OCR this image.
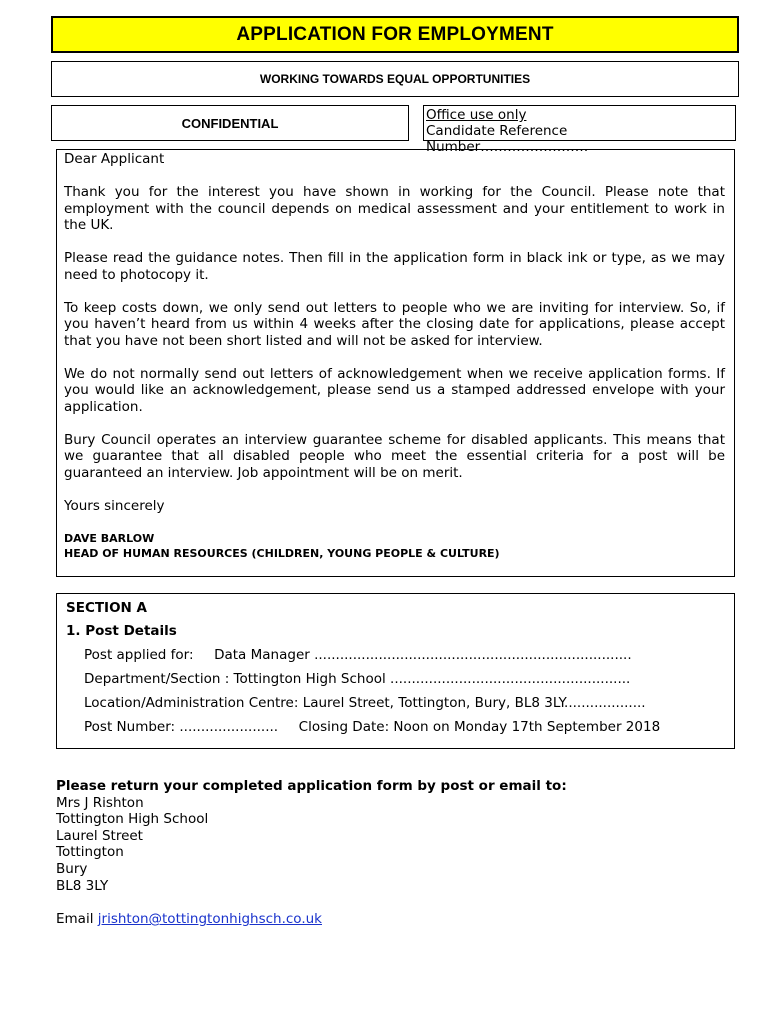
APPLICATION FOR EMPLOYMENT
WORKING TOWARDS EQUAL OPPORTUNITIES
CONFIDENTIAL	Office use only
Candidate Reference Number……………………

Dear Applicant

Thank you for the interest you have shown in working for the Council. Please note that employment with the council depends on medical assessment and your entitlement to work in the UK.

Please read the guidance notes. Then fill in the application form in black ink or type, as we may need to photocopy it.

To keep costs down, we only send out letters to people who we are inviting for interview. So, if you haven’t heard from us within 4 weeks after the closing date for applications, please accept that you have not been short listed and will not be asked for interview.

We do not normally send out letters of acknowledgement when we receive application forms. If you would like an acknowledgement, please send us a stamped addressed envelope with your application.

Bury Council operates an interview guarantee scheme for disabled applicants. This means that we guarantee that all disabled people who meet the essential criteria for a post will be guaranteed an interview. Job appointment will be on merit.

Yours sincerely

DAVE BARLOW
HEAD OF HUMAN RESOURCES (CHILDREN, YOUNG PEOPLE & CULTURE)
SECTION A
1. Post Details
Post applied for: Data Manager ..........................................................................
Department/Section : Tottington High School ........................................................
Location/Administration Centre: Laurel Street, Tottington, Bury, BL8 3LY...................
Post Number: ....................... Closing Date: Noon on Monday 17th September 2018
Please return your completed application form by post or email to:
Mrs J Rishton
Tottington High School
Laurel Street
Tottington
Bury
BL8 3LY
Email jrishton@tottingtonhighsch.co.uk
